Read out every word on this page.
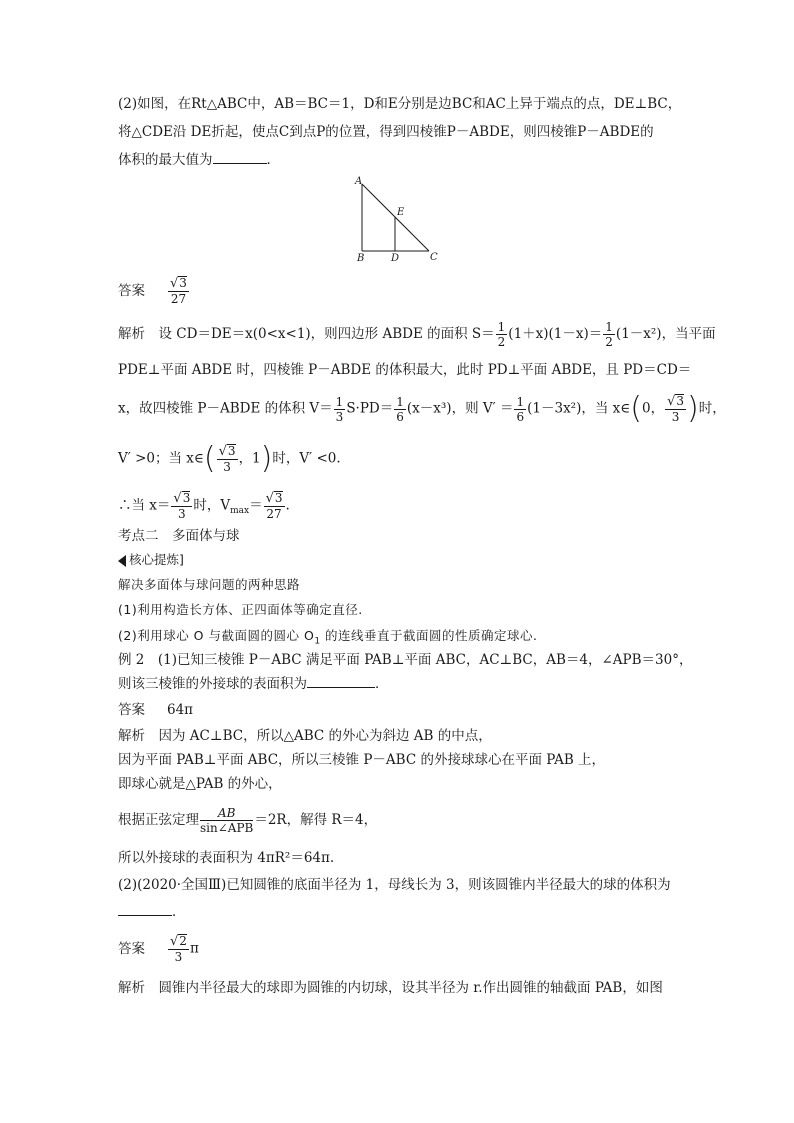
(2)如图，在Rt△ABC中，AB＝BC＝1，D和E分别是边BC和AC上异于端点的点，DE⊥BC，
将△CDE沿 DE折起，使点C到点P的位置，得到四棱锥P－ABDE，则四棱锥P－ABDE的
体积的最大值为	．
A
B	D	C
E
答案 $\frac{√3}{27}$
解析　 设 CD＝DE＝x(0<x<1)，则四边形 ABDE 的面积 $S= \frac{1}{2} (1+x)(1-x)= \frac{1}{2} (1-x^2)$，当平面
PDE⊥平面 ABDE 时，四棱锥 P－ABDE 的体积最大，此时 PD⊥平面 ABDE，且 PD＝CD＝
x，故四棱锥 P－ABDE 的体积 $V= \frac{1}{3} S\cdot PD= \frac{1}{6} (x-x^3)$，则 $V' = \frac{1}{6} (1-3x^2)$，当 x∈(0， $\frac{√3}{3}$ )时，
V′ >0；当 x∈( $\frac{√3}{3}$ ，1)时，V′ <0.
∴当 $x= \frac{√3}{3}$ 时，$V_{max}= \frac{√3}{27}$ .
考点二　多面体与球
核心提炼]
解决多面体与球问题的两种思路
(1)利用构造长方体、正四面体等确定直径.
(2)利用球心 O 与截面圆的圆心 $O_1$ 的连线垂直于截面圆的性质确定球心.
例 2　(1)已知三棱锥 P－ABC 满足平面 PAB⊥平面 ABC，AC⊥BC，AB＝4，∠APB＝30°，
则该三棱锥的外接球的表面积为	．
答案 64π
解析　因为 AC⊥BC，所以△ABC 的外心为斜边 AB 的中点，
因为平面 PAB⊥平面 ABC，所以三棱锥 P－ABC 的外接球球心在平面 PAB 上，
即球心就是△PAB 的外心，
根据正弦定理 $\frac{AB}{\text{sin∠APB}} =2R$，解得 R＝4，
所以外接球的表面积为 4πR²＝64π.
(2)(2020·全国Ⅲ)已知圆锥的底面半径为 1，母线长为 3，则该圆锥内半径最大的球的体积为
．
答案 $\frac{√2}{3}$ π
解析　圆锥内半径最大的球即为圆锥的内切球，设其半径为 r.作出圆锥的轴截面 PAB，如图
